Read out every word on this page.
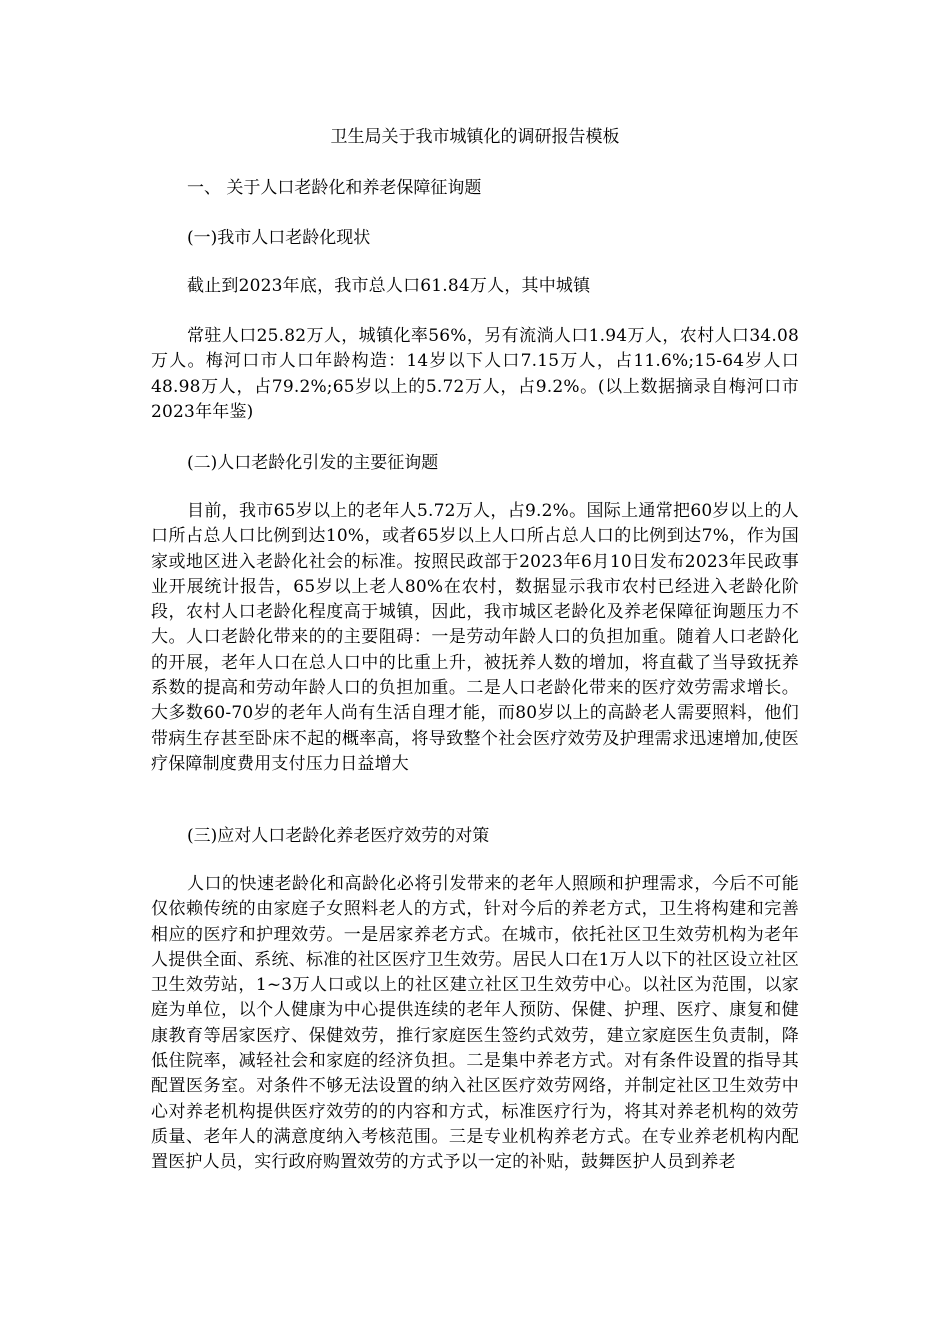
卫生局关于我市城镇化的调研报告模板
一、 关于人口老龄化和养老保障征询题
(一)我市人口老龄化现状

截止到2023年底，我市总人口61.84万人，其中城镇

常驻人口25.82万人，城镇化率56%，另有流淌人口1.94万人，农村人口34.08万人。梅河口市人口年龄构造：14岁以下人口7.15万人，占11.6%;15-64岁人口48.98万人，占79.2%;65岁以上的5.72万人，占9.2%。(以上数据摘录自梅河口市2023年年鉴)

(二)人口老龄化引发的主要征询题

目前，我市65岁以上的老年人5.72万人，占9.2%。国际上通常把60岁以上的人口所占总人口比例到达10%，或者65岁以上人口所占总人口的比例到达7%，作为国家或地区进入老龄化社会的标准。按照民政部于2023年6月10日发布2023年民政事业开展统计报告，65岁以上老人80%在农村，数据显示我市农村已经进入老龄化阶段，农村人口老龄化程度高于城镇，因此，我市城区老龄化及养老保障征询题压力不大。人口老龄化带来的的主要阻碍：一是劳动年龄人口的负担加重。随着人口老龄化的开展，老年人口在总人口中的比重上升，被抚养人数的增加，将直截了当导致抚养系数的提高和劳动年龄人口的负担加重。二是人口老龄化带来的医疗效劳需求增长。大多数60-70岁的老年人尚有生活自理才能，而80岁以上的高龄老人需要照料，他们带病生存甚至卧床不起的概率高，将导致整个社会医疗效劳及护理需求迅速增加,使医疗保障制度费用支付压力日益增大

(三)应对人口老龄化养老医疗效劳的对策

人口的快速老龄化和高龄化必将引发带来的老年人照顾和护理需求，今后不可能仅依赖传统的由家庭子女照料老人的方式，针对今后的养老方式，卫生将构建和完善相应的医疗和护理效劳。一是居家养老方式。在城市，依托社区卫生效劳机构为老年人提供全面、系统、标准的社区医疗卫生效劳。居民人口在1万人以下的社区设立社区卫生效劳站，1~3万人口或以上的社区建立社区卫生效劳中心。以社区为范围，以家庭为单位，以个人健康为中心提供连续的老年人预防、保健、护理、医疗、康复和健康教育等居家医疗、保健效劳，推行家庭医生签约式效劳，建立家庭医生负责制，降低住院率，减轻社会和家庭的经济负担。二是集中养老方式。对有条件设置的指导其配置医务室。对条件不够无法设置的纳入社区医疗效劳网络，并制定社区卫生效劳中心对养老机构提供医疗效劳的的内容和方式，标准医疗行为，将其对养老机构的效劳质量、老年人的满意度纳入考核范围。三是专业机构养老方式。在专业养老机构内配置医护人员，实行政府购置效劳的方式予以一定的补贴，鼓舞医护人员到养老
